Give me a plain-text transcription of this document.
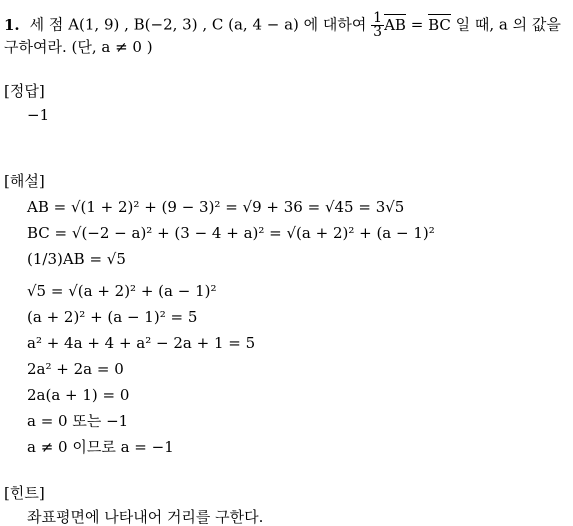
1. 세 점 A(1, 9) , B(−2, 3) , C (a, 4 − a) 에 대하여 $\frac{1}{3}$ AB = BC 일 때, a 의 값을
구하여라. (단, a ≠ 0 )
[정답]
−1
[해설]
AB = √(1 + 2)² + (9 − 3)² = √9 + 36 = √45 = 3√5
BC = √(−2 − a)² + (3 − 4 + a)² = √(a + 2)² + (a − 1)²
(1/3)AB = √5
√5 = √(a + 2)² + (a − 1)²
(a + 2)² + (a − 1)² = 5
a² + 4a + 4 + a² − 2a + 1 = 5
2a² + 2a = 0
2a(a + 1) = 0
a = 0 또는 −1
a ≠ 0 이므로 a = −1
[힌트]
좌표평면에 나타내어 거리를 구한다.
